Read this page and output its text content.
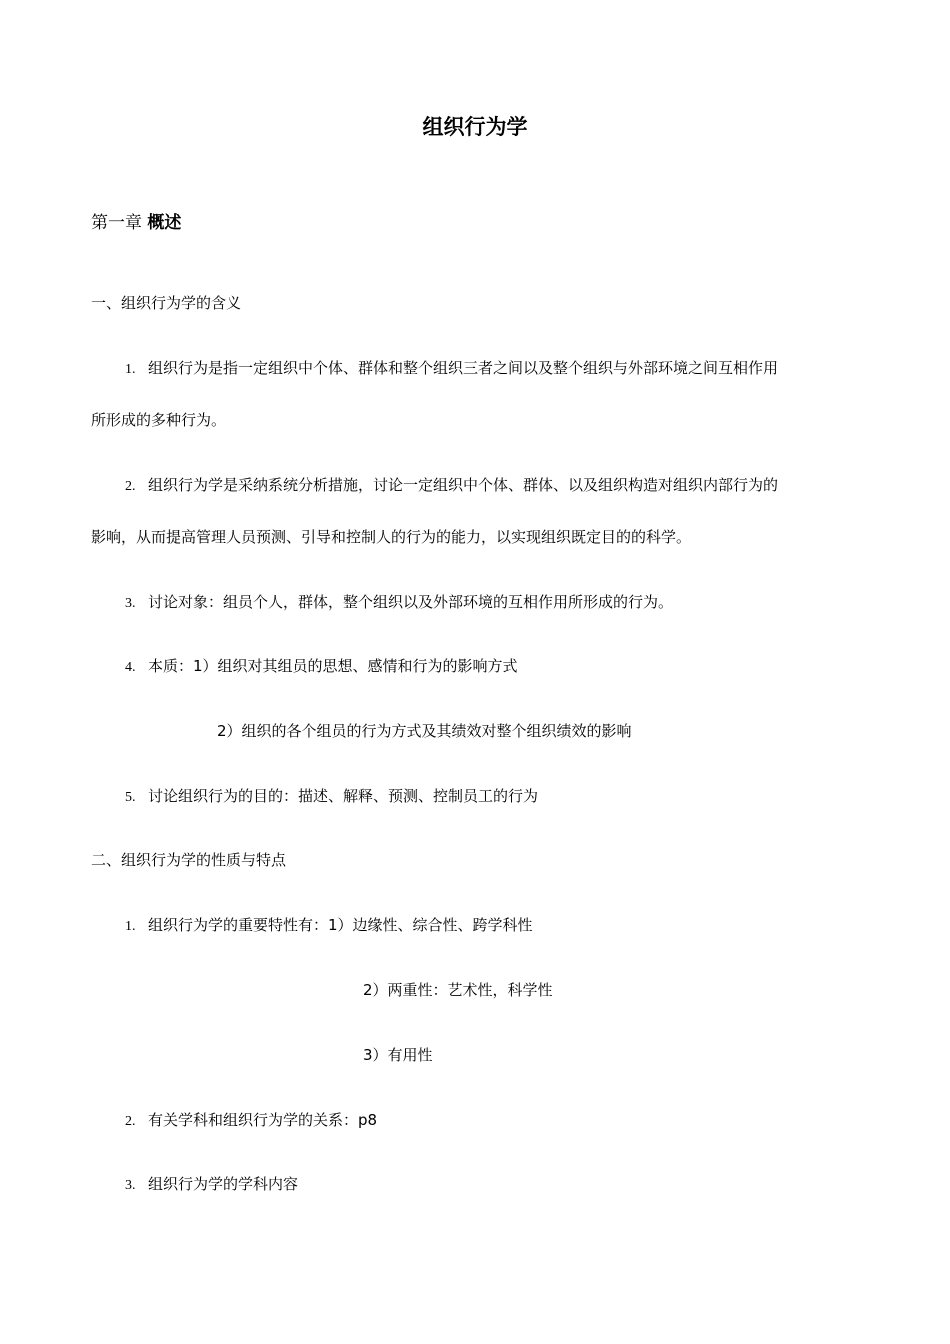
组织行为学
第一章 概述
一、组织行为学的含义
1. 组织行为是指一定组织中个体、群体和整个组织三者之间以及整个组织与外部环境之间互相作用
所形成的多种行为。
2. 组织行为学是采纳系统分析措施，讨论一定组织中个体、群体、以及组织构造对组织内部行为的
影响，从而提高管理人员预测、引导和控制人的行为的能力，以实现组织既定目的的科学。
3. 讨论对象：组员个人，群体，整个组织以及外部环境的互相作用所形成的行为。
4. 本质：1）组织对其组员的思想、感情和行为的影响方式
2）组织的各个组员的行为方式及其绩效对整个组织绩效的影响
5. 讨论组织行为的目的：描述、解释、预测、控制员工的行为
二、组织行为学的性质与特点
1. 组织行为学的重要特性有：1）边缘性、综合性、跨学科性
2）两重性：艺术性，科学性
3）有用性
2. 有关学科和组织行为学的关系：p8
3. 组织行为学的学科内容
